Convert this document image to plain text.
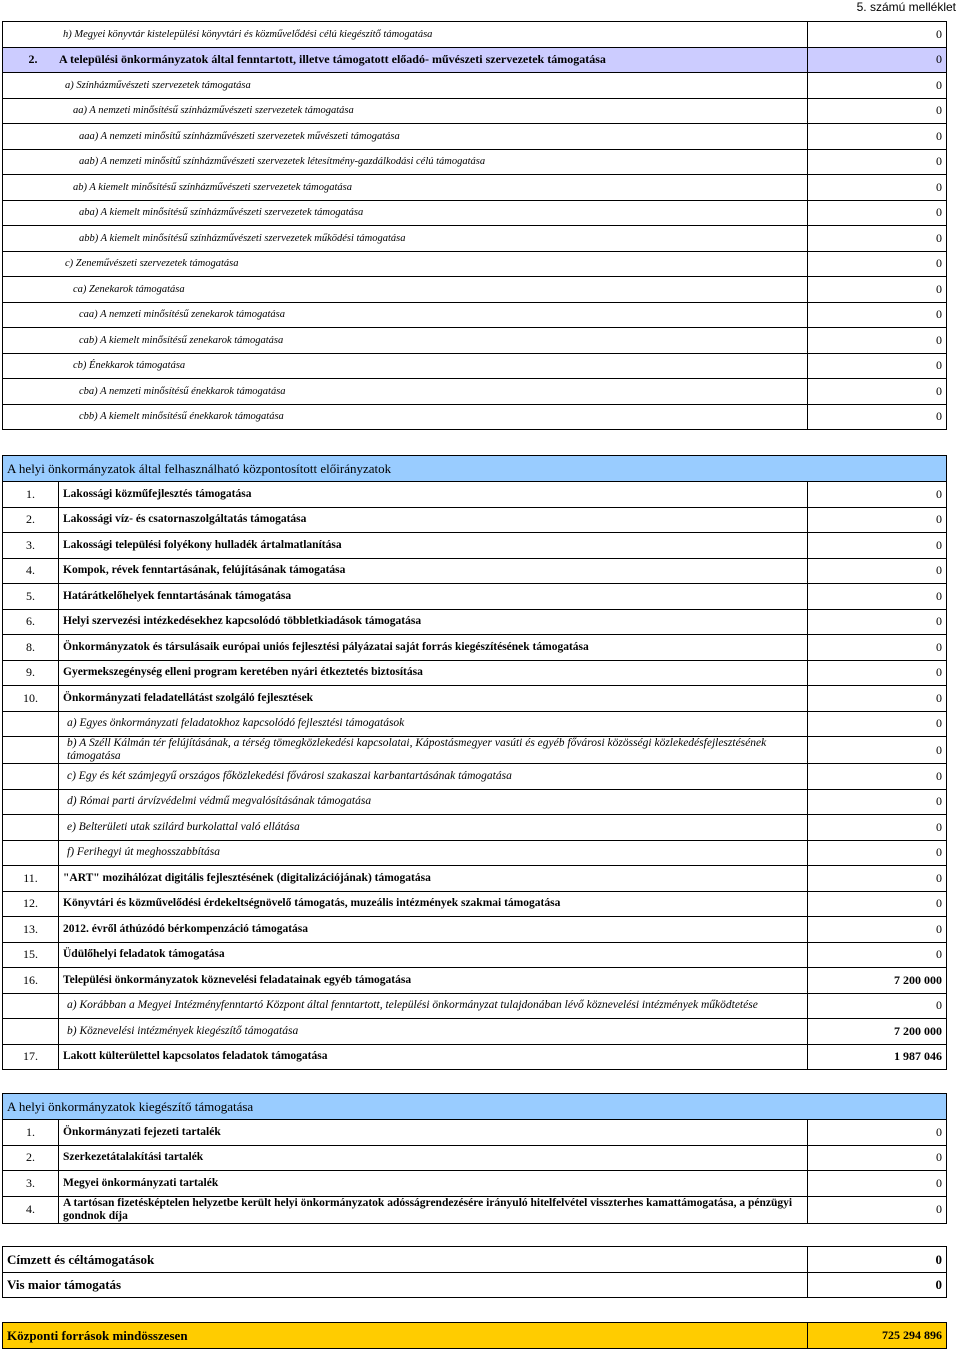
5. számú melléklet
h) Megyei könyvtár kistelepülési könyvtári és közművelődési célú kiegészítő támogatása	0
2. A települési önkormányzatok által fenntartott, illetve támogatott előadó- művészeti szervezetek támogatása	0
a) Színházművészeti szervezetek támogatása	0
aa) A nemzeti minősítésű színházművészeti szervezetek támogatása	0
aaa) A nemzeti minősítű színházművészeti szervezetek művészeti támogatása	0
aab) A nemzeti minősítű színházművészeti szervezetek létesítmény-gazdálkodási célú támogatása	0
ab) A kiemelt minősítésű színházművészeti szervezetek támogatása	0
aba) A kiemelt minősítésű színházművészeti szervezetek támogatása	0
abb) A kiemelt minősítésű színházművészeti szervezetek működési támogatása	0
c) Zeneművészeti szervezetek támogatása	0
ca) Zenekarok támogatása	0
caa) A nemzeti minősítésű zenekarok támogatása	0
cab) A kiemelt minősítésű zenekarok támogatása	0
cb) Énekkarok támogatása	0
cba) A nemzeti minősítésű énekkarok támogatása	0
cbb) A kiemelt minősítésű énekkarok támogatása	0
A helyi önkormányzatok által felhasználható központosított előirányzatok		
1.	Lakossági közműfejlesztés támogatása	0
2.	Lakossági víz- és csatornaszolgáltatás támogatása	0
3.	Lakossági települési folyékony hulladék ártalmatlanítása	0
4.	Kompok, révek fenntartásának, felújításának támogatása	0
5.	Határátkelőhelyek fenntartásának támogatása	0
6.	Helyi szervezési intézkedésekhez kapcsolódó többletkiadások támogatása	0
8.	Önkormányzatok és társulásaik európai uniós fejlesztési pályázatai saját forrás kiegészítésének támogatása	0
9.	Gyermekszegénység elleni program keretében nyári étkeztetés biztosítása	0
10.	Önkormányzati feladatellátást szolgáló fejlesztések	0
	a) Egyes önkormányzati feladatokhoz kapcsolódó fejlesztési támogatások	0
	b) A Széll Kálmán tér felújításának, a térség tömegközlekedési kapcsolatai, Kápostásmegyer vasúti és egyéb fővárosi közösségi közlekedésfejlesztésének támogatása	0
	c) Egy és két számjegyű országos főközlekedési fővárosi szakaszai karbantartásának támogatása	0
	d) Római parti árvízvédelmi védmű megvalósításának támogatása	0
	e) Belterületi utak szilárd burkolattal való ellátása	0
	f) Ferihegyi út meghosszabbítása	0
11.	"ART" mozihálózat digitális fejlesztésének (digitalizációjának) támogatása	0
12.	Könyvtári és közművelődési érdekeltségnövelő támogatás, muzeális intézmények szakmai támogatása	0
13.	2012. évről áthúzódó bérkompenzáció támogatása	0
15.	Üdülőhelyi feladatok támogatása	0
16.	Települési önkormányzatok köznevelési feladatainak egyéb támogatása	7 200 000
	a) Korábban a Megyei Intézményfenntartó Központ által fenntartott, települési önkormányzat tulajdonában lévő köznevelési intézmények működtetése	0
	b) Köznevelési intézmények kiegészítő támogatása	7 200 000
17.	Lakott külterülettel kapcsolatos feladatok támogatása	1 987 046
A helyi önkormányzatok kiegészítő támogatása		
1.	Önkormányzati fejezeti tartalék	0
2.	Szerkezetátalakítási tartalék	0
3.	Megyei önkormányzati tartalék	0
4.	A tartósan fizetésképtelen helyzetbe került helyi önkormányzatok adósságrendezésére irányuló hitelfelvétel visszterhes kamattámogatása, a pénzügyi gondnok díja	0
Címzett és céltámogatások	0
Vis maior támogatás	0
Központi források mindösszesen	725 294 896
